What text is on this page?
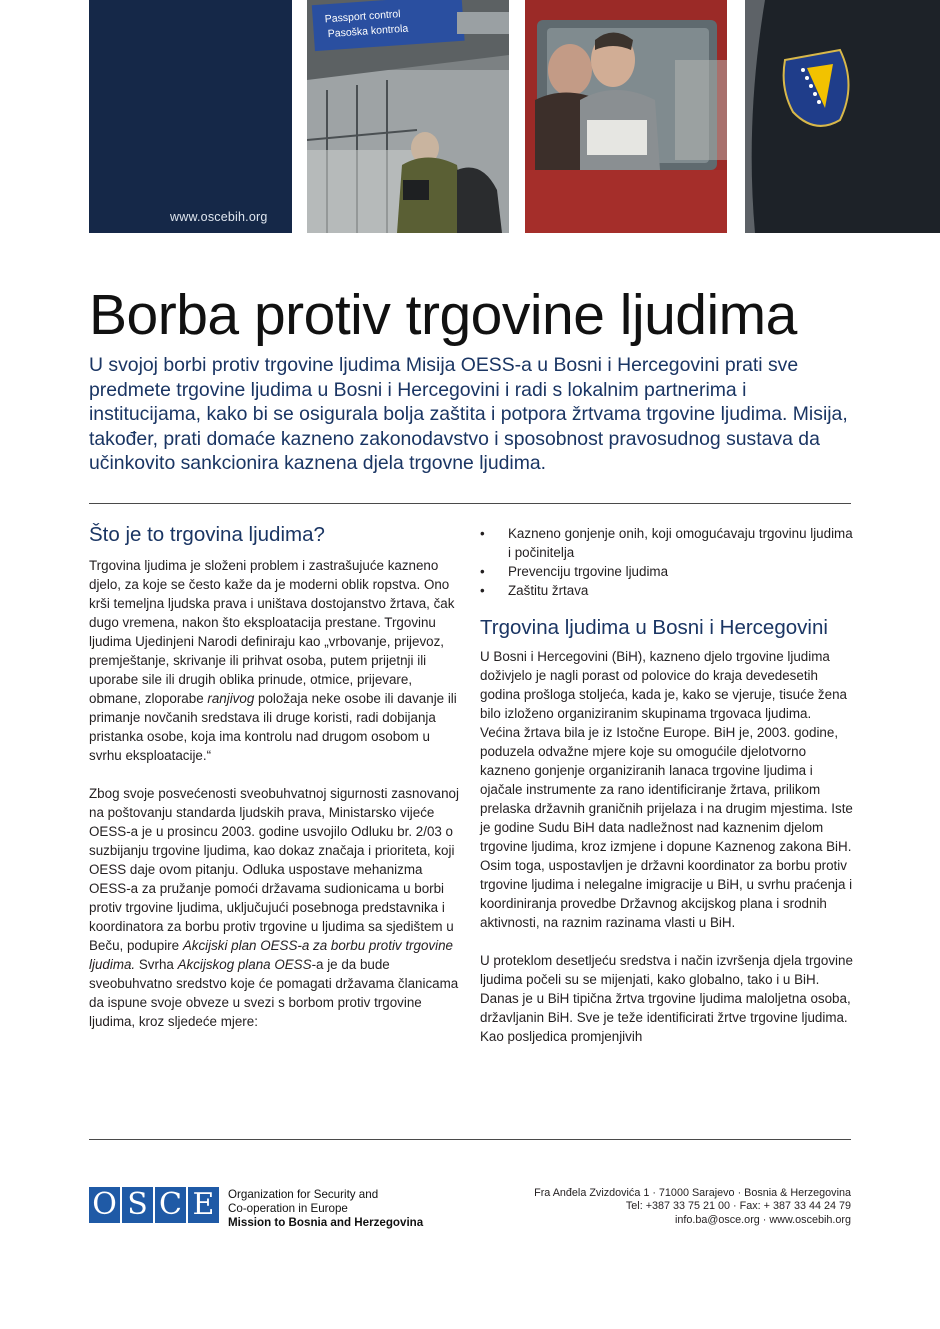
www.oscebih.org
Passport control
Pasoška kontrola
Borba protiv trgovine ljudima

U svojoj borbi protiv trgovine ljudima Misija OESS-a u Bosni i Hercegovini prati sve predmete trgovine ljudima u Bosni i Hercegovini i radi s lokalnim partnerima i institucijama, kako bi se osigurala bolja zaštita i potpora žrtvama trgovine ljudima. Misija, također, prati domaće kazneno zakonodavstvo i sposobnost pravosudnog sustava da učinkovito sankcionira kaznena djela trgovne ljudima.

Što je to trgovina ljudima?

Trgovina ljudima je složeni problem i zastrašujuće kazneno djelo, za koje se često kaže da je moderni oblik ropstva. Ono krši temeljna ljudska prava i uništava dostojanstvo žrtava, čak dugo vremena, nakon što eksploatacija prestane. Trgovinu ljudima Ujedinjeni Narodi definiraju kao „vrbovanje, prijevoz, premještanje, skrivanje ili prihvat osoba, putem prijetnji ili uporabe sile ili drugih oblika prinude, otmice, prijevare, obmane, zloporabe ranjivog položaja neke osobe ili davanje ili primanje novčanih sredstava ili druge koristi, radi dobijanja pristanka osobe, koja ima kontrolu nad drugom osobom u svrhu eksploatacije.“

Zbog svoje posvećenosti sveobuhvatnoj sigurnosti zasnovanoj na poštovanju standarda ljudskih prava, Ministarsko vijeće OESS-a je u prosincu 2003. godine usvojilo Odluku br. 2/03 o suzbijanju trgovine ljudima, kao dokaz značaja i prioriteta, koji OESS daje ovom pitanju. Odluka uspostave mehanizma OESS-a za pružanje pomoći državama sudionicama u borbi protiv trgovine ljudima, uključujući posebnoga predstavnika i koordinatora za borbu protiv trgovine u ljudima sa sjedištem u Beču, podupire Akcijski plan OESS-a za borbu protiv trgovine ljudima. Svrha Akcijskog plana OESS-a je da bude sveobuhvatno sredstvo koje će pomagati državama članicama da ispune svoje obveze u svezi s borbom protiv trgovine ljudima, kroz sljedeće mjere:

• Kazneno gonjenje onih, koji omogućavaju trgovinu ljudima i počinitelja
• Prevenciju trgovine ljudima
• Zaštitu žrtava
Trgovina ljudima u Bosni i Hercegovini

U Bosni i Hercegovini (BiH), kazneno djelo trgovine ljudima doživjelo je nagli porast od polovice do kraja devedesetih godina prošloga stoljeća, kada je, kako se vjeruje, tisuće žena bilo izloženo organiziranim skupinama trgovaca ljudima. Većina žrtava bila je iz Istočne Europe. BiH je, 2003. godine, poduzela odvažne mjere koje su omogućile djelotvorno kazneno gonjenje organiziranih lanaca trgovine ljudima i ojačale instrumente za rano identificiranje žrtava, prilikom prelaska državnih graničnih prijelaza i na drugim mjestima. Iste je godine Sudu BiH data nadležnost nad kaznenim djelom trgovine ljudima, kroz izmjene i dopune Kaznenog zakona BiH. Osim toga, uspostavljen je državni koordinator za borbu protiv trgovine ljudima i nelegalne imigracije u BiH, u svrhu praćenja i koordiniranja provedbe Državnog akcijskog plana i srodnih aktivnosti, na raznim razinama vlasti u BiH.

U proteklom desetljeću sredstva i način izvršenja djela trgovine ljudima počeli su se mijenjati, kako globalno, tako i u BiH. Danas je u BiH tipična žrtva trgovine ljudima maloljetna osoba, državljanin BiH. Sve je teže identificirati žrtve trgovine ljudima. Kao posljedica promjenjivih

O S C E	Organization for Security and
Co-operation in Europe
Mission to Bosnia and Herzegovina
Fra Anđela Zvizdovića 1 · 71000 Sarajevo · Bosnia & Herzegovina
Tel: +387 33 75 21 00 · Fax: + 387 33 44 24 79
info.ba@osce.org · www.oscebih.org
